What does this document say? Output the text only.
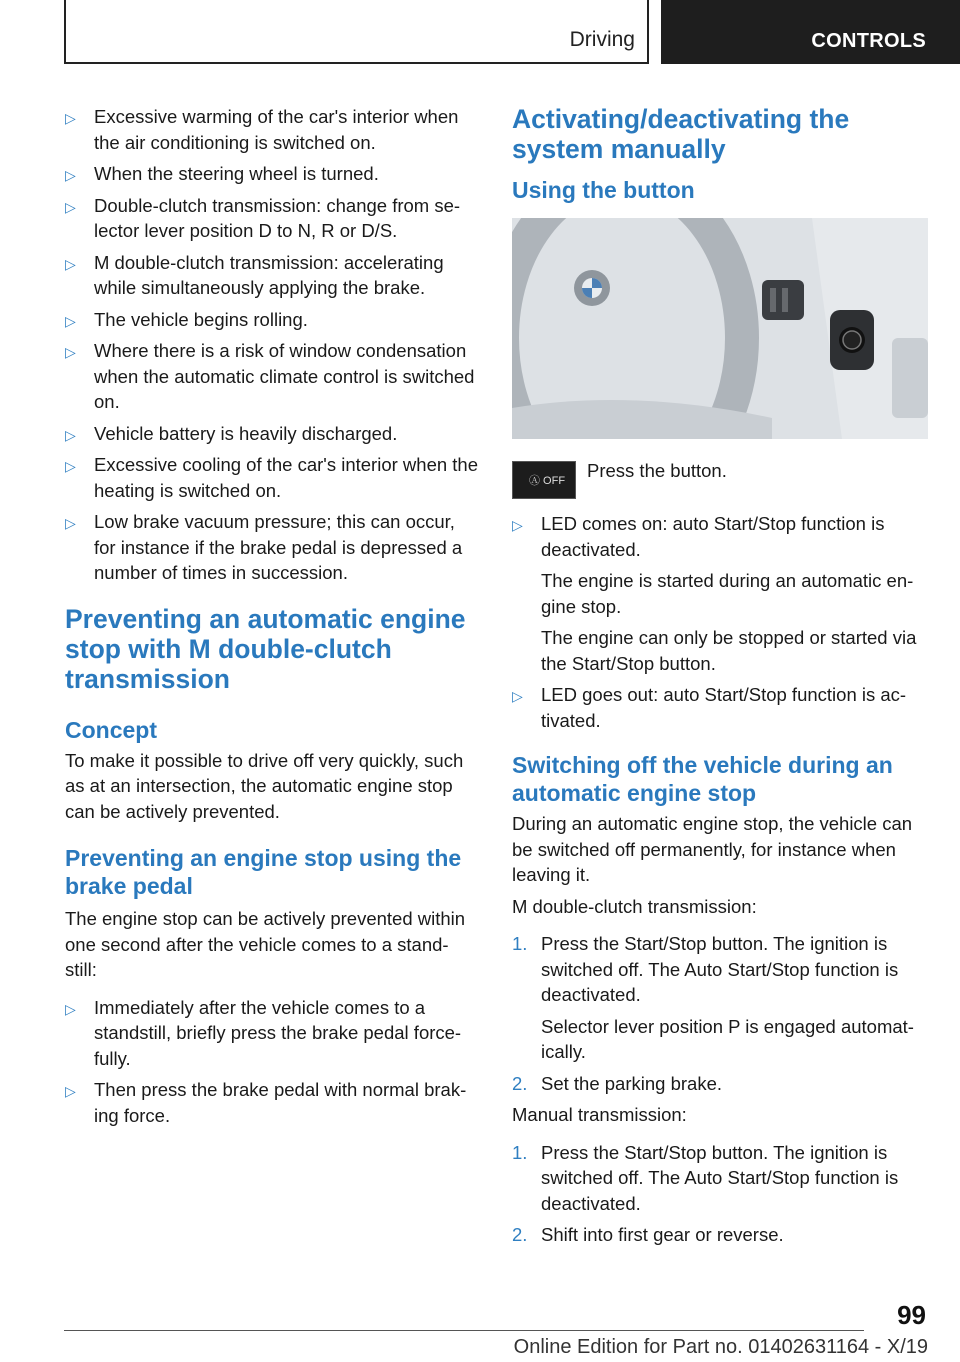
Driving	CONTROLS
▷ Excessive warming of the car's interior when the air conditioning is switched on.
▷ When the steering wheel is turned.
▷ Double-clutch transmission: change from se‐lector lever position D to N, R or D/S.
▷ M double-clutch transmission: accelerating while simultaneously applying the brake.
▷ The vehicle begins rolling.
▷ Where there is a risk of window condensation when the automatic climate control is switched on.
▷ Vehicle battery is heavily discharged.
▷ Excessive cooling of the car's interior when the heating is switched on.
▷ Low brake vacuum pressure; this can occur, for instance if the brake pedal is depressed a number of times in succession.
Preventing an automatic engine stop with M double-clutch transmission
Concept

To make it possible to drive off very quickly, such as at an intersection, the automatic engine stop can be actively prevented.

Preventing an engine stop using the brake pedal

The engine stop can be actively prevented within one second after the vehicle comes to a stand‐still:

▷ Immediately after the vehicle comes to a standstill, briefly press the brake pedal force‐fully.
▷ Then press the brake pedal with normal brak‐ing force.
Activating/deactivating the system manually
Using the button
Ⓐ OFF Press the button.
▷ LED comes on: auto Start/Stop function is deactivated.
The engine is started during an automatic en‐gine stop.
The engine can only be stopped or started via the Start/Stop button.
▷ LED goes out: auto Start/Stop function is ac‐tivated.
Switching off the vehicle during an automatic engine stop

During an automatic engine stop, the vehicle can be switched off permanently, for instance when leaving it.

M double-clutch transmission:

1. Press the Start/Stop button. The ignition is switched off. The Auto Start/Stop function is deactivated.
Selector lever position P is engaged automat‐ically.
2. Set the parking brake.

Manual transmission:

1. Press the Start/Stop button. The ignition is switched off. The Auto Start/Stop function is deactivated.
2. Shift into first gear or reverse.
99
Online Edition for Part no. 01402631164 - X/19
